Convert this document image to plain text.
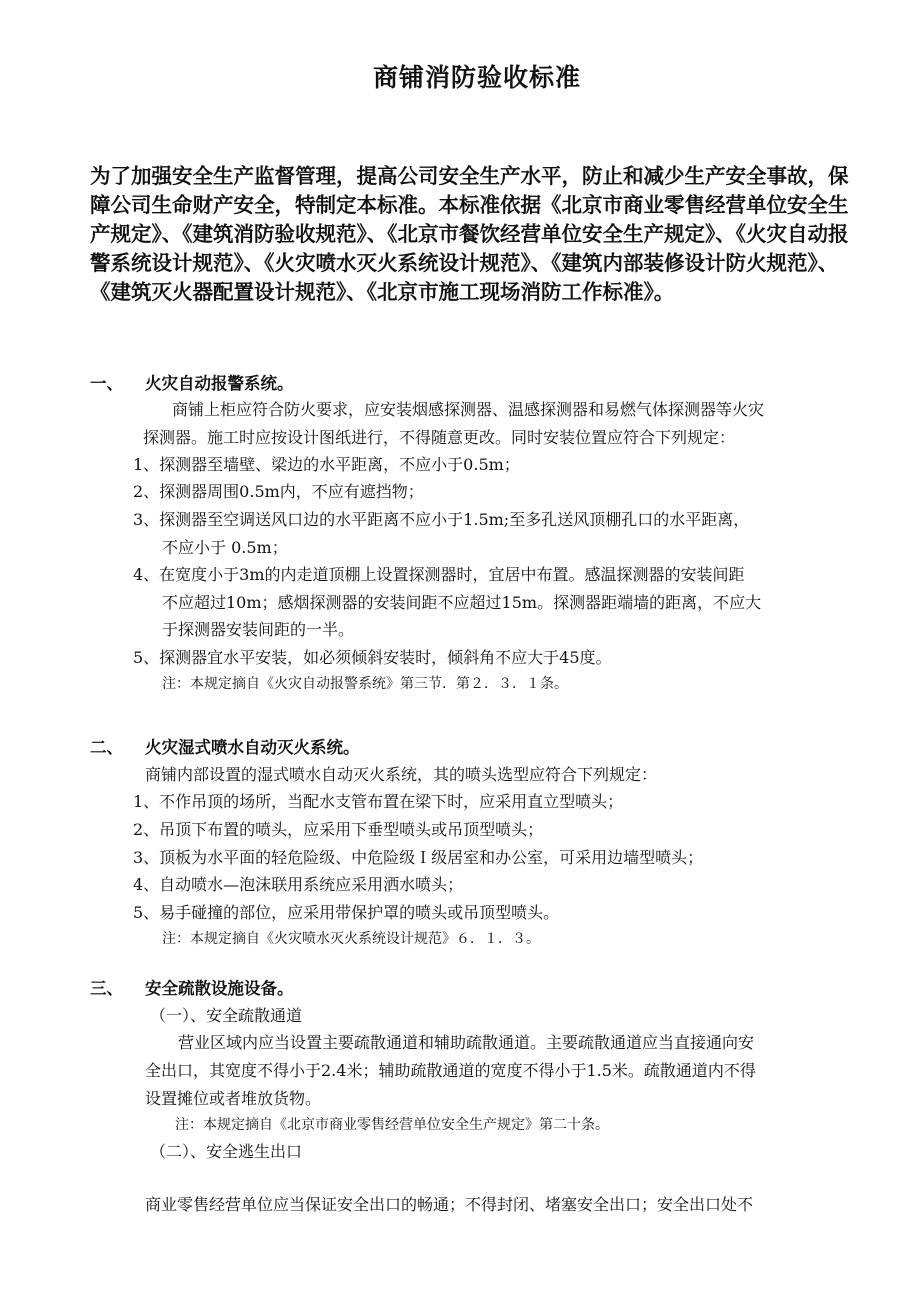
商铺消防验收标准
为了加强安全生产监督管理，提高公司安全生产水平，防止和减少生产安全事故，保障公司生命财产安全，特制定本标准。本标准依据《北京市商业零售经营单位安全生产规定》、《建筑消防验收规范》、《北京市餐饮经营单位安全生产规定》、《火灾自动报警系统设计规范》、《火灾喷水灭火系统设计规范》、《建筑内部装修设计防火规范》、《建筑灭火器配置设计规范》、《北京市施工现场消防工作标准》。
一、 火灾自动报警系统。
商铺上柜应符合防火要求，应安装烟感探测器、温感探测器和易燃气体探测器等火灾
探测器。施工时应按设计图纸进行，不得随意更改。同时安装位置应符合下列规定：
1、探测器至墙壁、梁边的水平距离，不应小于0.5m；
2、探测器周围0.5m内，不应有遮挡物；
3、探测器至空调送风口边的水平距离不应小于1.5m;至多孔送风顶棚孔口的水平距离，
不应小于 0.5m；
4、在宽度小于3m的内走道顶棚上设置探测器时，宜居中布置。感温探测器的安装间距
不应超过10m；感烟探测器的安装间距不应超过15m。探测器距端墙的距离，不应大
于探测器安装间距的一半。
5、探测器宜水平安装，如必须倾斜安装时，倾斜角不应大于45度。
注：本规定摘自《火灾自动报警系统》第三节．第２．３．１条。
二、 火灾湿式喷水自动灭火系统。
商铺内部设置的湿式喷水自动灭火系统，其的喷头选型应符合下列规定：
1、不作吊顶的场所，当配水支管布置在梁下时，应采用直立型喷头；
2、吊顶下布置的喷头，应采用下垂型喷头或吊顶型喷头；
3、顶板为水平面的轻危险级、中危险级Ｉ级居室和办公室，可采用边墙型喷头；
4、自动喷水—泡沫联用系统应采用洒水喷头；
5、易手碰撞的部位，应采用带保护罩的喷头或吊顶型喷头。
注：本规定摘自《火灾喷水灭火系统设计规范》６．１．３。
三、 安全疏散设施设备。
（一）、安全疏散通道
营业区域内应当设置主要疏散通道和辅助疏散通道。主要疏散通道应当直接通向安
全出口，其宽度不得小于2.4米；辅助疏散通道的宽度不得小于1.5米。疏散通道内不得
设置摊位或者堆放货物。
注：本规定摘自《北京市商业零售经营单位安全生产规定》第二十条。
（二）、安全逃生出口
商业零售经营单位应当保证安全出口的畅通；不得封闭、堵塞安全出口；安全出口处不
